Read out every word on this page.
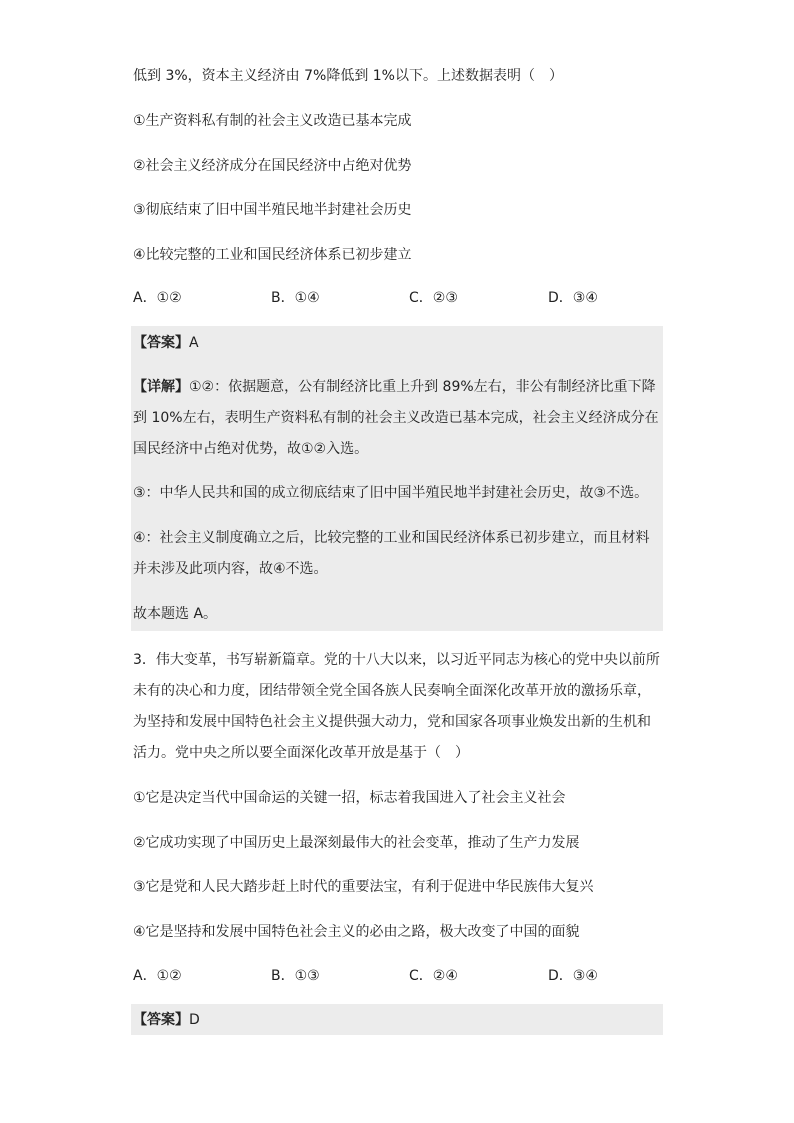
低到 3%，资本主义经济由 7%降低到 1%以下。上述数据表明（　）
①生产资料私有制的社会主义改造已基本完成
②社会主义经济成分在国民经济中占绝对优势
③彻底结束了旧中国半殖民地半封建社会历史
④比较完整的工业和国民经济体系已初步建立
A．①②	B．①④	C．②③	D．③④
【答案】A
【详解】①②：依据题意，公有制经济比重上升到 89%左右，非公有制经济比重下降到 10%左右，表明生产资料私有制的社会主义改造已基本完成，社会主义经济成分在国民经济中占绝对优势，故①②入选。
③：中华人民共和国的成立彻底结束了旧中国半殖民地半封建社会历史，故③不选。
④：社会主义制度确立之后，比较完整的工业和国民经济体系已初步建立，而且材料并未涉及此项内容，故④不选。
故本题选 A。
3．伟大变革，书写崭新篇章。党的十八大以来，以习近平同志为核心的党中央以前所未有的决心和力度，团结带领全党全国各族人民奏响全面深化改革开放的激扬乐章，为坚持和发展中国特色社会主义提供强大动力，党和国家各项事业焕发出新的生机和活力。党中央之所以要全面深化改革开放是基于（　）
①它是决定当代中国命运的关键一招，标志着我国进入了社会主义社会
②它成功实现了中国历史上最深刻最伟大的社会变革，推动了生产力发展
③它是党和人民大踏步赶上时代的重要法宝，有利于促进中华民族伟大复兴
④它是坚持和发展中国特色社会主义的必由之路，极大改变了中国的面貌
A．①②	B．①③	C．②④	D．③④
【答案】D
